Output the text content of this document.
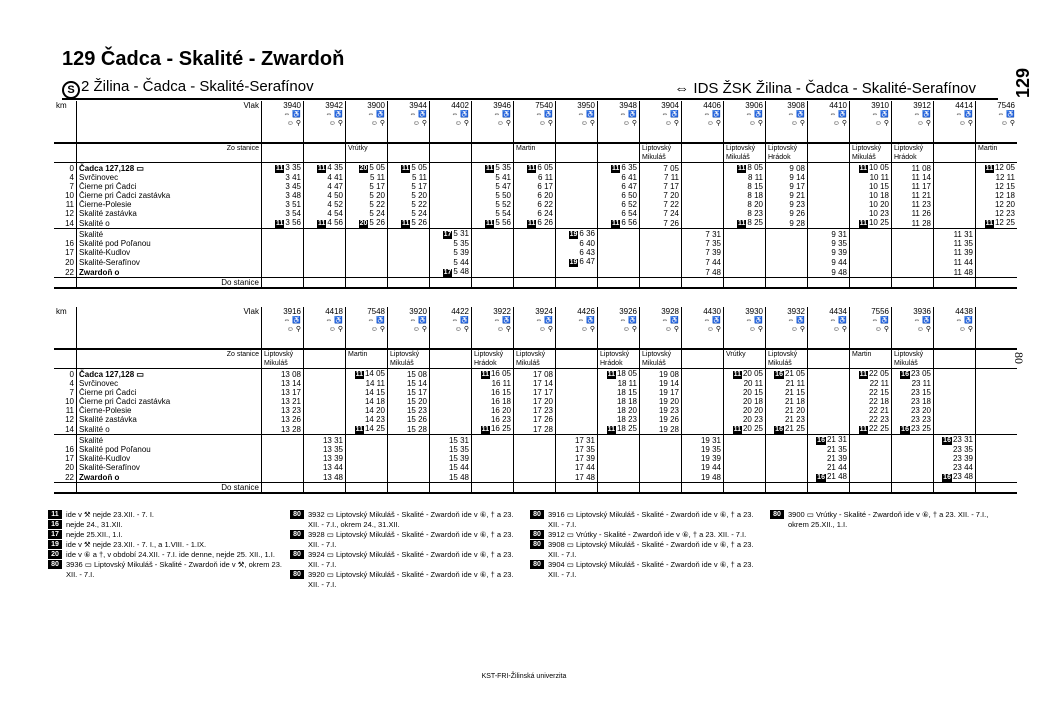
129 Čadca - Skalité - Zwardoň
S 2 Žilina - Čadca - Skalité-Serafínov	⇔ IDS ŽSK Žilina - Čadca - Skalité-Serafínov 129
80
km	Vlak	3940	3942	3900	3944	4402	3946	7540	3950	3948	3904	4406	3906	3908	4410	3910	3912	4414	7546
		⇔ ♿	⇔ ♿	⇔ ♿	⇔ ♿	⇔ ♿	⇔ ♿	⇔ ♿	⇔ ♿	⇔ ♿	⇔ ♿	⇔ ♿	⇔ ♿	⇔ ♿	⇔ ♿	⇔ ♿	⇔ ♿	⇔ ♿	⇔ ♿
		☺ ⚲	☺ ⚲	☺ ⚲	☺ ⚲	☺ ⚲	☺ ⚲	☺ ⚲	☺ ⚲	☺ ⚲	☺ ⚲	☺ ⚲	☺ ⚲	☺ ⚲	☺ ⚲	☺ ⚲	☺ ⚲	☺ ⚲	☺ ⚲

	Zo stanice			Vrútky				Martin			Liptovský Mikuláš		Liptovský Mikuláš	Liptovský Hrádok		Liptovský Mikuláš	Liptovský Hrádok		Martin
0	Čadca 127,128 ▭	11 3 35	11 4 35	20 5 05	11 5 05		11 5 35	11 6 05		11 6 35	7 05		11 8 05	9 08		11 10 05	11 08		11 12 05
4	Svrčinovec	3 41	4 41	5 11	5 11		5 41	6 11		6 41	7 11		8 11	9 14		10 11	11 14		12 11
7	Čierne pri Čadci	3 45	4 47	5 17	5 17		5 47	6 17		6 47	7 17		8 15	9 17		10 15	11 17		12 15
10	Čierne pri Čadci zastávka	3 48	4 50	5 20	5 20		5 50	6 20		6 50	7 20		8 18	9 21		10 18	11 21		12 18
11	Čierne-Polesie	3 51	4 52	5 22	5 22		5 52	6 22		6 52	7 22		8 20	9 23		10 20	11 23		12 20
12	Skalité zastávka	3 54	4 54	5 24	5 24		5 54	6 24		6 54	7 24		8 23	9 26		10 23	11 26		12 23
14	Skalité o	11 3 56	11 4 56	20 5 26	11 5 26		11 5 56	11 6 26		11 6 56	7 26		11 8 25	9 28		11 10 25	11 28		11 12 25
	Skalité					17 5 31			19 6 36			7 31			9 31			11 31	
16	Skalité pod Poľanou					5 35			6 40			7 35			9 35			11 35	
17	Skalité-Kudlov					5 39			6 43			7 39			9 39			11 39	
20	Skalité-Serafínov					5 44			19 6 47			7 44			9 44			11 44	
22	Zwardoň o					17 5 48						7 48			9 48			11 48	
	Do stanice																		
km	Vlak	3916	4418	7548	3920	4422	3922	3924	4426	3926	3928	4430	3930	3932	4434	7556	3936	4438	
		⇔ ♿	⇔ ♿	⇔ ♿	⇔ ♿	⇔ ♿	⇔ ♿	⇔ ♿	⇔ ♿	⇔ ♿	⇔ ♿	⇔ ♿	⇔ ♿	⇔ ♿	⇔ ♿	⇔ ♿	⇔ ♿	⇔ ♿	
		☺ ⚲	☺ ⚲	☺ ⚲	☺ ⚲	☺ ⚲	☺ ⚲	☺ ⚲	☺ ⚲	☺ ⚲	☺ ⚲	☺ ⚲	☺ ⚲	☺ ⚲	☺ ⚲	☺ ⚲	☺ ⚲	☺ ⚲	

	Zo stanice	Liptovský Mikuláš		Martin	Liptovský Mikuláš		Liptovský Hrádok	Liptovský Mikuláš		Liptovský Hrádok	Liptovský Mikuláš		Vrútky	Liptovský Mikuláš		Martin	Liptovský Mikuláš		
0	Čadca 127,128 ▭	13 08		11 14 05	15 08		11 16 05	17 08		11 18 05	19 08		11 20 05	16 21 05		11 22 05	16 23 05		
4	Svrčinovec	13 14		14 11	15 14		16 11	17 14		18 11	19 14		20 11	21 11		22 11	23 11		
7	Čierne pri Čadci	13 17		14 15	15 17		16 15	17 17		18 15	19 17		20 15	21 15		22 15	23 15		
10	Čierne pri Čadci zastávka	13 21		14 18	15 20		16 18	17 20		18 18	19 20		20 18	21 18		22 18	23 18		
11	Čierne-Polesie	13 23		14 20	15 23		16 20	17 23		18 20	19 23		20 20	21 20		22 21	23 20		
12	Skalité zastávka	13 26		14 23	15 26		16 23	17 26		18 23	19 26		20 23	21 23		22 23	23 23		
14	Skalité o	13 28		11 14 25	15 28		11 16 25	17 28		11 18 25	19 28		11 20 25	16 21 25		11 22 25	16 23 25		
	Skalité		13 31			15 31			17 31			19 31			16 21 31			16 23 31	
16	Skalité pod Poľanou		13 35			15 35			17 35			19 35			21 35			23 35	
17	Skalité-Kudlov		13 39			15 39			17 39			19 39			21 39			23 39	
20	Skalité-Serafínov		13 44			15 44			17 44			19 44			21 44			23 44	
22	Zwardoň o		13 48			15 48			17 48			19 48			16 21 48			16 23 48	
	Do stanice																		
11 ide v ⚒ nejde 23.XII. - 7. I.
16 nejde 24., 31.XII.
17 nejde 25.XII., 1.I.
19 ide v ⚒ nejde 23.XII. - 7. I., a 1.VIII. - 1.IX.
20 ide v ⑥ a †, v období 24.XII. - 7.I. ide denne, nejde 25. XII., 1.I.
80 3936 ▭ Liptovský Mikuláš - Skalité - Zwardoň ide v ⚒, okrem 23. XII. - 7.I.
80 3932 ▭ Liptovský Mikuláš - Skalité - Zwardoň ide v ⑥, † a 23. XII. - 7.I., okrem 24., 31.XII.
80 3928 ▭ Liptovský Mikuláš - Skalité - Zwardoň ide v ⑥, † a 23. XII. - 7.I.
80 3924 ▭ Liptovský Mikuláš - Skalité - Zwardoň ide v ⑥, † a 23. XII. - 7.I.
80 3920 ▭ Liptovský Mikuláš - Skalité - Zwardoň ide v ⑥, † a 23. XII. - 7.I.
80 3916 ▭ Liptovský Mikuláš - Skalité - Zwardoň ide v ⑥, † a 23. XII. - 7.I.
80 3912 ▭ Vrútky - Skalité - Zwardoň ide v ⑥, † a 23. XII. - 7.I.
80 3908 ▭ Liptovský Mikuláš - Skalité - Zwardoň ide v ⑥, † a 23. XII. - 7.I.
80 3904 ▭ Liptovský Mikuláš - Skalité - Zwardoň ide v ⑥, † a 23. XII. - 7.I.
80 3900 ▭ Vrútky - Skalité - Zwardoň ide v ⑥, † a 23. XII. - 7.I., okrem 25.XII., 1.I.
KST-FRI-Žilinská univerzita
